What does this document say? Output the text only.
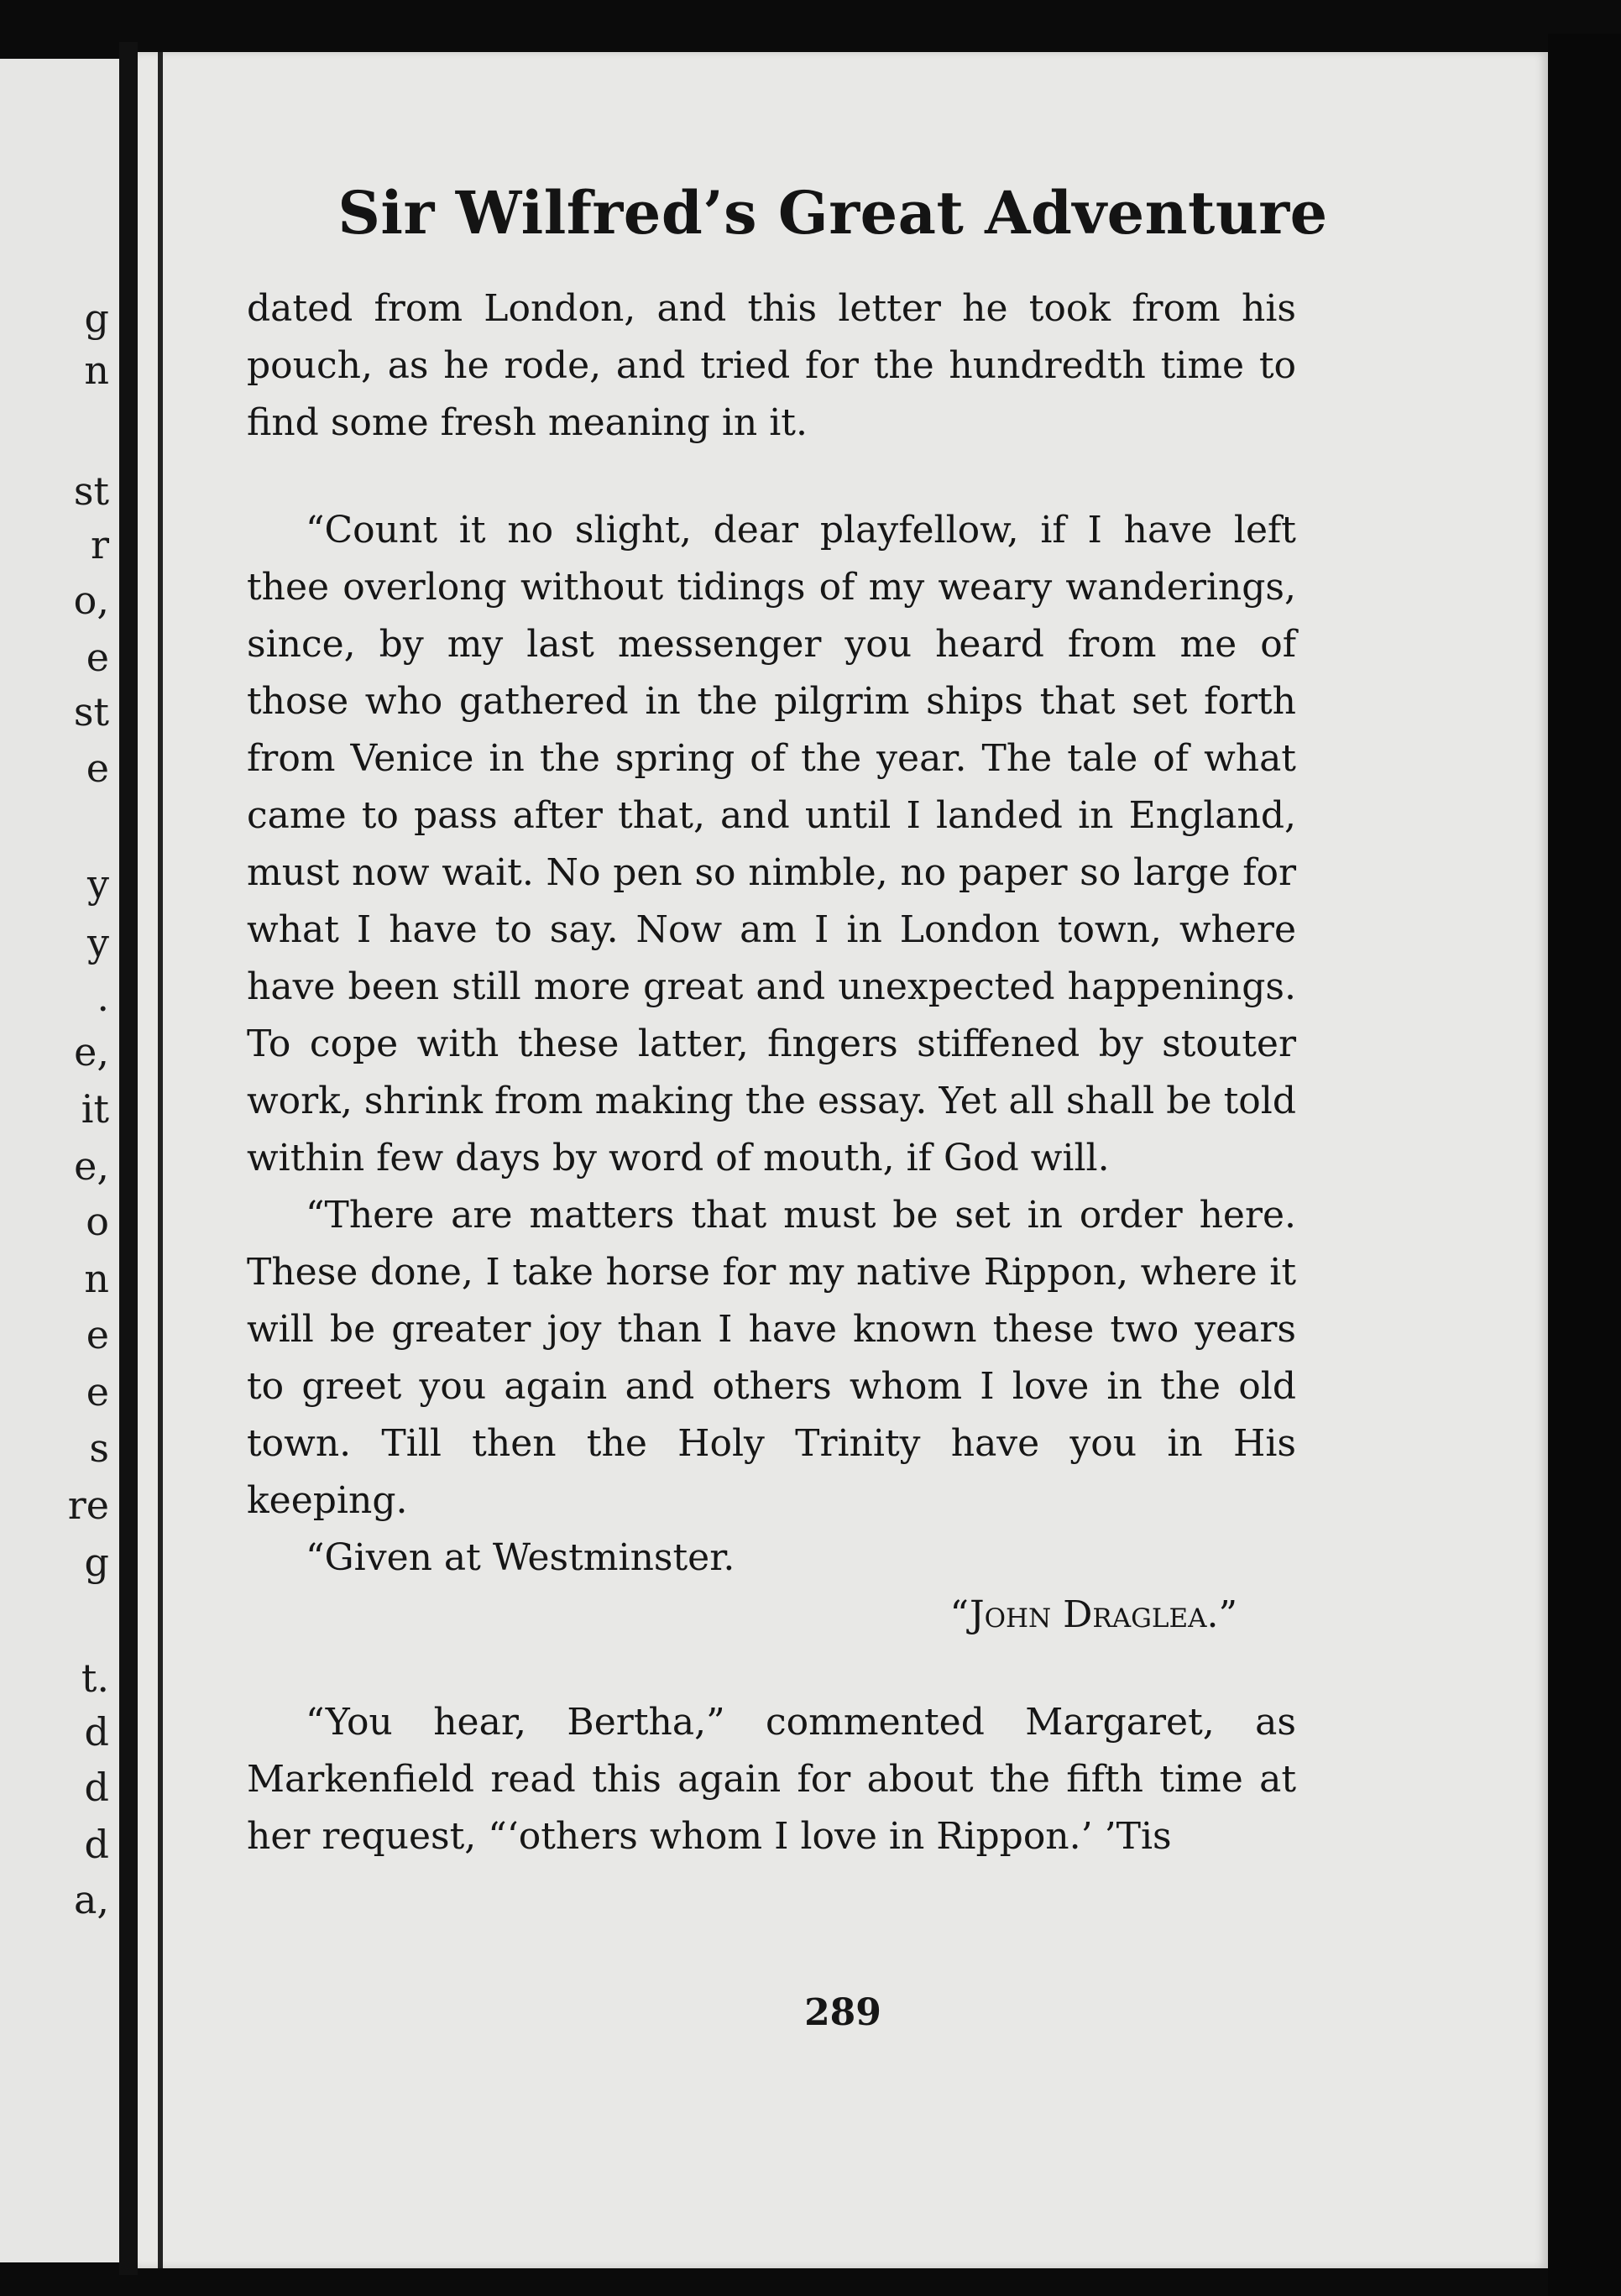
g
n
st
r
o,
e
st
e
y
y
.
e,
it
e,
o
n
e
e
s
re
g
t.
d
d
d
a,
Sir Wilfred’s Great Adventure

dated from London, and this letter he took from his pouch, as he rode, and tried for the hundredth time to find some fresh meaning in it.

“Count it no slight, dear playfellow, if I have left thee overlong without tidings of my weary wanderings, since, by my last messenger you heard from me of those who gathered in the pilgrim ships that set forth from Venice in the spring of the year. The tale of what came to pass after that, and until I landed in England, must now wait. No pen so nimble, no paper so large for what I have to say. Now am I in London town, where have been still more great and unexpected happenings. To cope with these latter, fingers stiffened by stouter work, shrink from making the essay. Yet all shall be told within few days by word of mouth, if God will.

“There are matters that must be set in order here. These done, I take horse for my native Rippon, where it will be greater joy than I have known these two years to greet you again and others whom I love in the old town. Till then the Holy Trinity have you in His keeping.

“Given at Westminster.

“John Draglea.”

“You hear, Bertha,” commented Margaret, as Markenfield read this again for about the fifth time at her request, “‘others whom I love in Rippon.’ ’Tis

289
